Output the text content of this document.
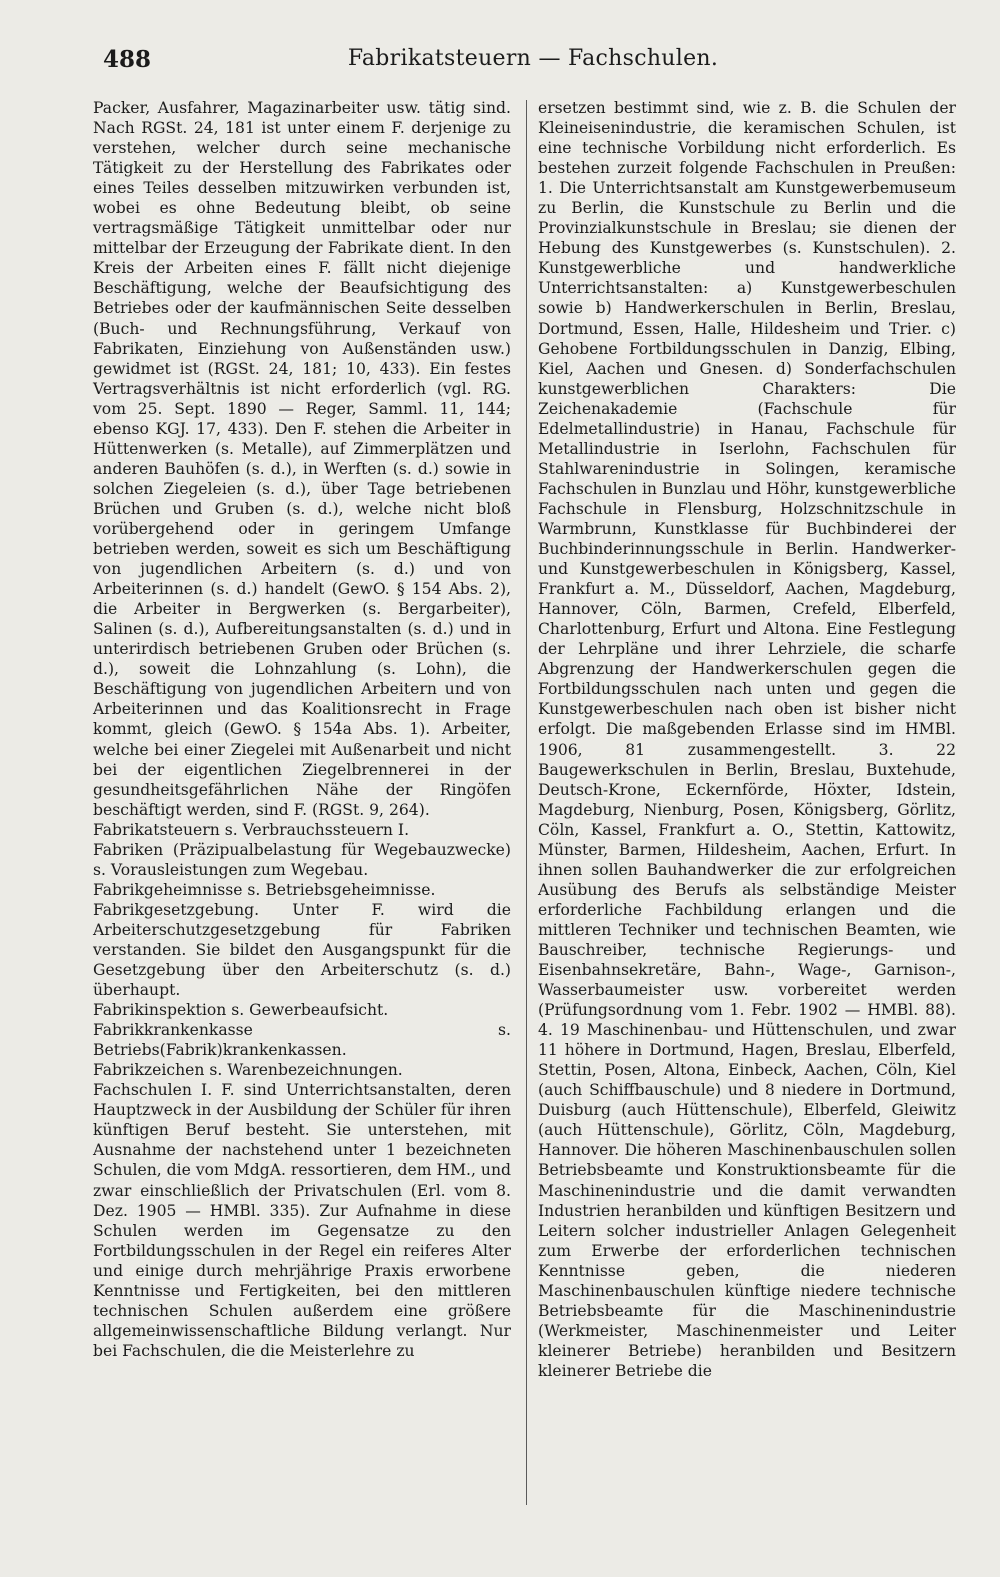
488	Fabrikatsteuern — Fachschulen.

Packer, Ausfahrer, Magazinarbeiter usw. tätig sind. Nach RGSt. 24, 181 ist unter einem F. derjenige zu verstehen, welcher durch seine mechanische Tätigkeit zu der Herstellung des Fabrikates oder eines Teiles desselben mitzuwirken verbunden ist, wobei es ohne Bedeutung bleibt, ob seine vertragsmäßige Tätigkeit unmittelbar oder nur mittelbar der Erzeugung der Fabrikate dient. In den Kreis der Arbeiten eines F. fällt nicht diejenige Beschäftigung, welche der Beaufsichtigung des Betriebes oder der kaufmännischen Seite desselben (Buch- und Rechnungsführung, Verkauf von Fabrikaten, Einziehung von Außenständen usw.) gewidmet ist (RGSt. 24, 181; 10, 433). Ein festes Vertragsverhältnis ist nicht erforderlich (vgl. RG. vom 25. Sept. 1890 — Reger, Samml. 11, 144; ebenso KGJ. 17, 433). Den F. stehen die Arbeiter in Hüttenwerken (s. Metalle), auf Zimmerplätzen und anderen Bauhöfen (s. d.), in Werften (s. d.) sowie in solchen Ziegeleien (s. d.), über Tage betriebenen Brüchen und Gruben (s. d.), welche nicht bloß vorübergehend oder in geringem Umfange betrieben werden, soweit es sich um Beschäftigung von jugendlichen Arbeitern (s. d.) und von Arbeiterinnen (s. d.) handelt (GewO. § 154 Abs. 2), die Arbeiter in Bergwerken (s. Bergarbeiter), Salinen (s. d.), Aufbereitungsanstalten (s. d.) und in unterirdisch betriebenen Gruben oder Brüchen (s. d.), soweit die Lohnzahlung (s. Lohn), die Beschäftigung von jugendlichen Arbeitern und von Arbeiterinnen und das Koalitionsrecht in Frage kommt, gleich (GewO. § 154a Abs. 1). Arbeiter, welche bei einer Ziegelei mit Außenarbeit und nicht bei der eigentlichen Ziegelbrennerei in der gesundheitsgefährlichen Nähe der Ringöfen beschäftigt werden, sind F. (RGSt. 9, 264).

Fabrikatsteuern s. Verbrauchssteuern I.

Fabriken (Präzipualbelastung für Wegebauzwecke) s. Vorausleistungen zum Wegebau.

Fabrikgeheimnisse s. Betriebsgeheimnisse.

Fabrikgesetzgebung. Unter F. wird die Arbeiterschutzgesetzgebung für Fabriken verstanden. Sie bildet den Ausgangspunkt für die Gesetzgebung über den Arbeiterschutz (s. d.) überhaupt.

Fabrikinspektion s. Gewerbeaufsicht.

Fabrikkrankenkasse s. Betriebs(Fabrik)krankenkassen.

Fabrikzeichen s. Warenbezeichnungen.

Fachschulen I. F. sind Unterrichtsanstalten, deren Hauptzweck in der Ausbildung der Schüler für ihren künftigen Beruf besteht. Sie unterstehen, mit Ausnahme der nachstehend unter 1 bezeichneten Schulen, die vom MdgA. ressortieren, dem HM., und zwar einschließlich der Privatschulen (Erl. vom 8. Dez. 1905 — HMBl. 335). Zur Aufnahme in diese Schulen werden im Gegensatze zu den Fortbildungsschulen in der Regel ein reiferes Alter und einige durch mehrjährige Praxis erworbene Kenntnisse und Fertigkeiten, bei den mittleren technischen Schulen außerdem eine größere allgemeinwissenschaftliche Bildung verlangt. Nur bei Fachschulen, die die Meisterlehre zu

ersetzen bestimmt sind, wie z. B. die Schulen der Kleineisenindustrie, die keramischen Schulen, ist eine technische Vorbildung nicht erforderlich. Es bestehen zurzeit folgende Fachschulen in Preußen: 1. Die Unterrichtsanstalt am Kunstgewerbemuseum zu Berlin, die Kunstschule zu Berlin und die Provinzialkunstschule in Breslau; sie dienen der Hebung des Kunstgewerbes (s. Kunstschulen). 2. Kunstgewerbliche und handwerkliche Unterrichtsanstalten: a) Kunstgewerbeschulen sowie b) Handwerkerschulen in Berlin, Breslau, Dortmund, Essen, Halle, Hildesheim und Trier. c) Gehobene Fortbildungsschulen in Danzig, Elbing, Kiel, Aachen und Gnesen. d) Sonderfachschulen kunstgewerblichen Charakters: Die Zeichenakademie (Fachschule für Edelmetallindustrie) in Hanau, Fachschule für Metallindustrie in Iserlohn, Fachschulen für Stahlwarenindustrie in Solingen, keramische Fachschulen in Bunzlau und Höhr, kunstgewerbliche Fachschule in Flensburg, Holzschnitzschule in Warmbrunn, Kunstklasse für Buchbinderei der Buchbinderinnungsschule in Berlin. Handwerker- und Kunstgewerbeschulen in Königsberg, Kassel, Frankfurt a. M., Düsseldorf, Aachen, Magdeburg, Hannover, Cöln, Barmen, Crefeld, Elberfeld, Charlottenburg, Erfurt und Altona. Eine Festlegung der Lehrpläne und ihrer Lehrziele, die scharfe Abgrenzung der Handwerkerschulen gegen die Fortbildungsschulen nach unten und gegen die Kunstgewerbeschulen nach oben ist bisher nicht erfolgt. Die maßgebenden Erlasse sind im HMBl. 1906, 81 zusammengestellt. 3. 22 Baugewerkschulen in Berlin, Breslau, Buxtehude, Deutsch-Krone, Eckernförde, Höxter, Idstein, Magdeburg, Nienburg, Posen, Königsberg, Görlitz, Cöln, Kassel, Frankfurt a. O., Stettin, Kattowitz, Münster, Barmen, Hildesheim, Aachen, Erfurt. In ihnen sollen Bauhandwerker die zur erfolgreichen Ausübung des Berufs als selbständige Meister erforderliche Fachbildung erlangen und die mittleren Techniker und technischen Beamten, wie Bauschreiber, technische Regierungs- und Eisenbahnsekretäre, Bahn-, Wage-, Garnison-, Wasserbaumeister usw. vorbereitet werden (Prüfungsordnung vom 1. Febr. 1902 — HMBl. 88). 4. 19 Maschinenbau- und Hüttenschulen, und zwar 11 höhere in Dortmund, Hagen, Breslau, Elberfeld, Stettin, Posen, Altona, Einbeck, Aachen, Cöln, Kiel (auch Schiffbauschule) und 8 niedere in Dortmund, Duisburg (auch Hüttenschule), Elberfeld, Gleiwitz (auch Hüttenschule), Görlitz, Cöln, Magdeburg, Hannover. Die höheren Maschinenbauschulen sollen Betriebsbeamte und Konstruktionsbeamte für die Maschinenindustrie und die damit verwandten Industrien heranbilden und künftigen Besitzern und Leitern solcher industrieller Anlagen Gelegenheit zum Erwerbe der erforderlichen technischen Kenntnisse geben, die niederen Maschinenbauschulen künftige niedere technische Betriebsbeamte für die Maschinenindustrie (Werkmeister, Maschinenmeister und Leiter kleinerer Betriebe) heranbilden und Besitzern kleinerer Betriebe die
